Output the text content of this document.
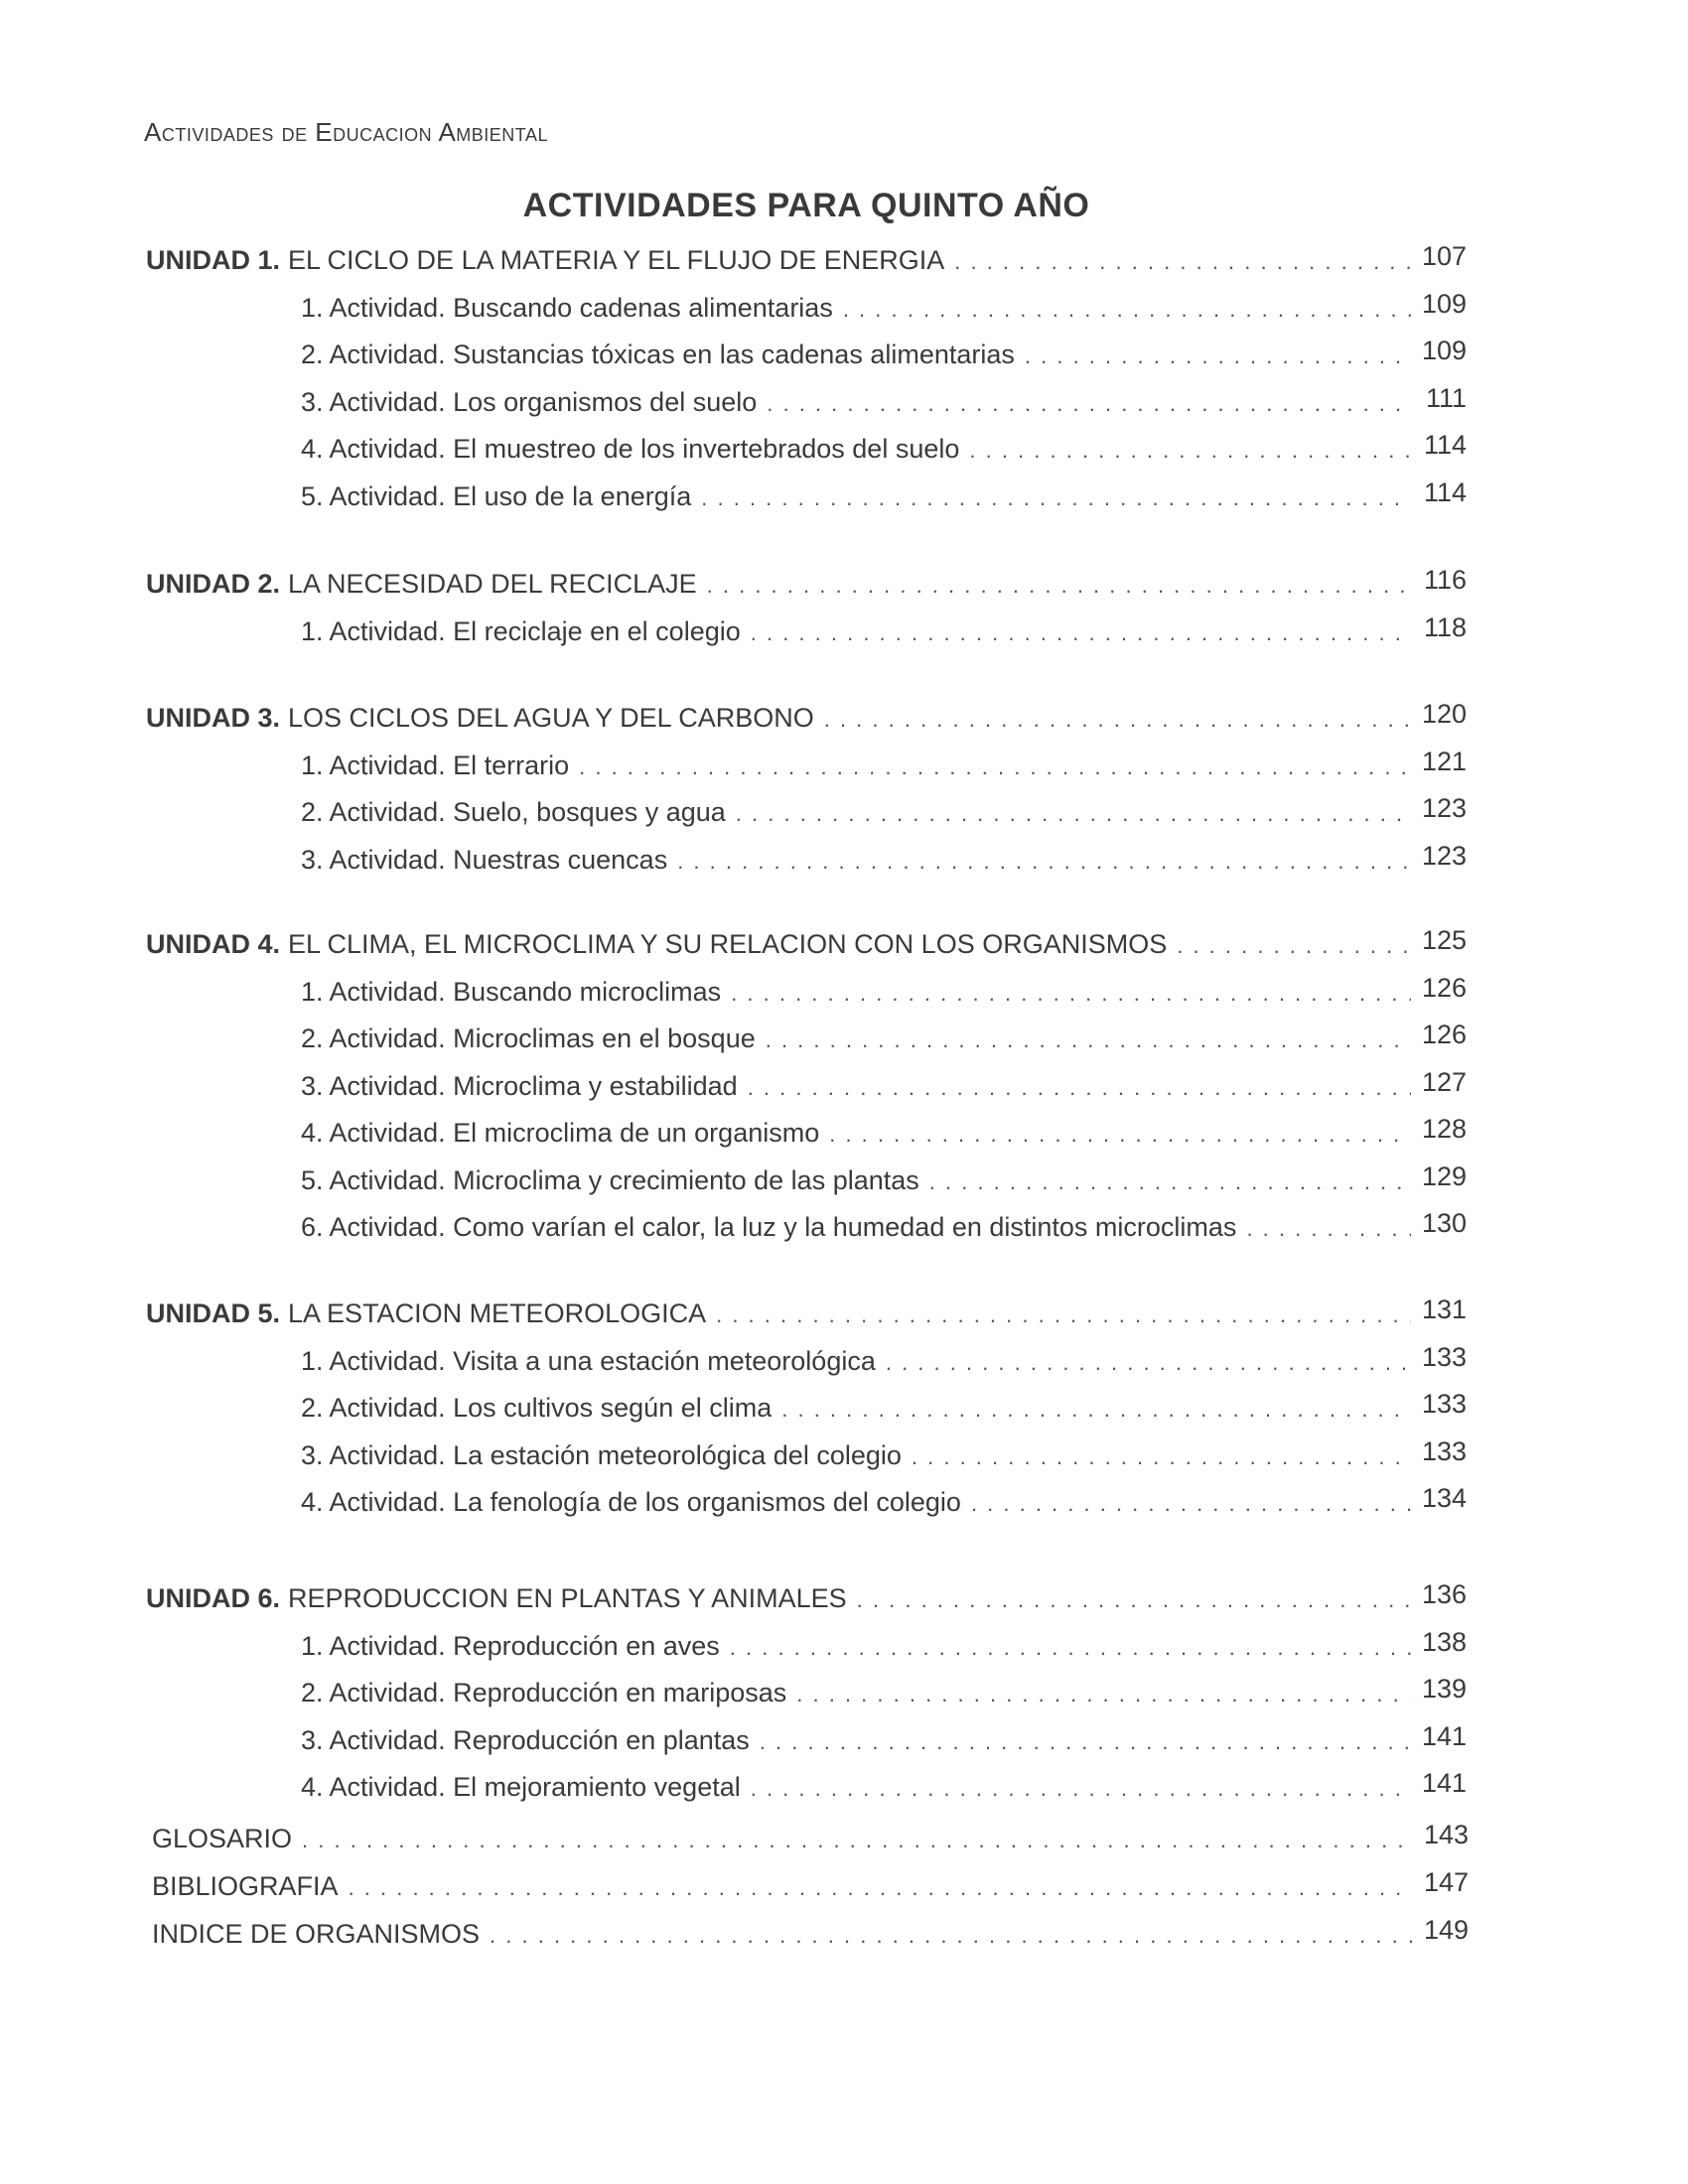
Actividades de Educacion Ambiental
ACTIVIDADES PARA QUINTO AÑO
UNIDAD 1. EL CICLO DE LA MATERIA Y EL FLUJO DE ENERGIA . . .	107
1. Actividad. Buscando cadenas alimentarias . . .	109
2. Actividad. Sustancias tóxicas en las cadenas alimentarias . . .	109
3. Actividad. Los organismos del suelo . . .	111
4. Actividad. El muestreo de los invertebrados del suelo . . .	114
5. Actividad. El uso de la energía . . .	114
UNIDAD 2. LA NECESIDAD DEL RECICLAJE . . .	116
1. Actividad. El reciclaje en el colegio . . .	118
UNIDAD 3. LOS CICLOS DEL AGUA Y DEL CARBONO . . .	120
1. Actividad. El terrario . . .	121
2. Actividad. Suelo, bosques y agua . . .	123
3. Actividad. Nuestras cuencas . . .	123
UNIDAD 4. EL CLIMA, EL MICROCLIMA Y SU RELACION CON LOS ORGANISMOS . . .	125
1. Actividad. Buscando microclimas . . .	126
2. Actividad. Microclimas en el bosque . . .	126
3. Actividad. Microclima y estabilidad . . .	127
4. Actividad. El microclima de un organismo . . .	128
5. Actividad. Microclima y crecimiento de las plantas . . .	129
6. Actividad. Como varían el calor, la luz y la humedad en distintos microclimas . . .	130
UNIDAD 5. LA ESTACION METEOROLOGICA . . .	131
1. Actividad. Visita a una estación meteorológica . . .	133
2. Actividad. Los cultivos según el clima . . .	133
3. Actividad. La estación meteorológica del colegio . . .	133
4. Actividad. La fenología de los organismos del colegio . . .	134
UNIDAD 6. REPRODUCCION EN PLANTAS Y ANIMALES . . .	136
1. Actividad. Reproducción en aves . . .	138
2. Actividad. Reproducción en mariposas . . .	139
3. Actividad. Reproducción en plantas . . .	141
4. Actividad. El mejoramiento vegetal . . .	141
GLOSARIO . . .	143
BIBLIOGRAFIA . . .	147
INDICE DE ORGANISMOS . . .	149
